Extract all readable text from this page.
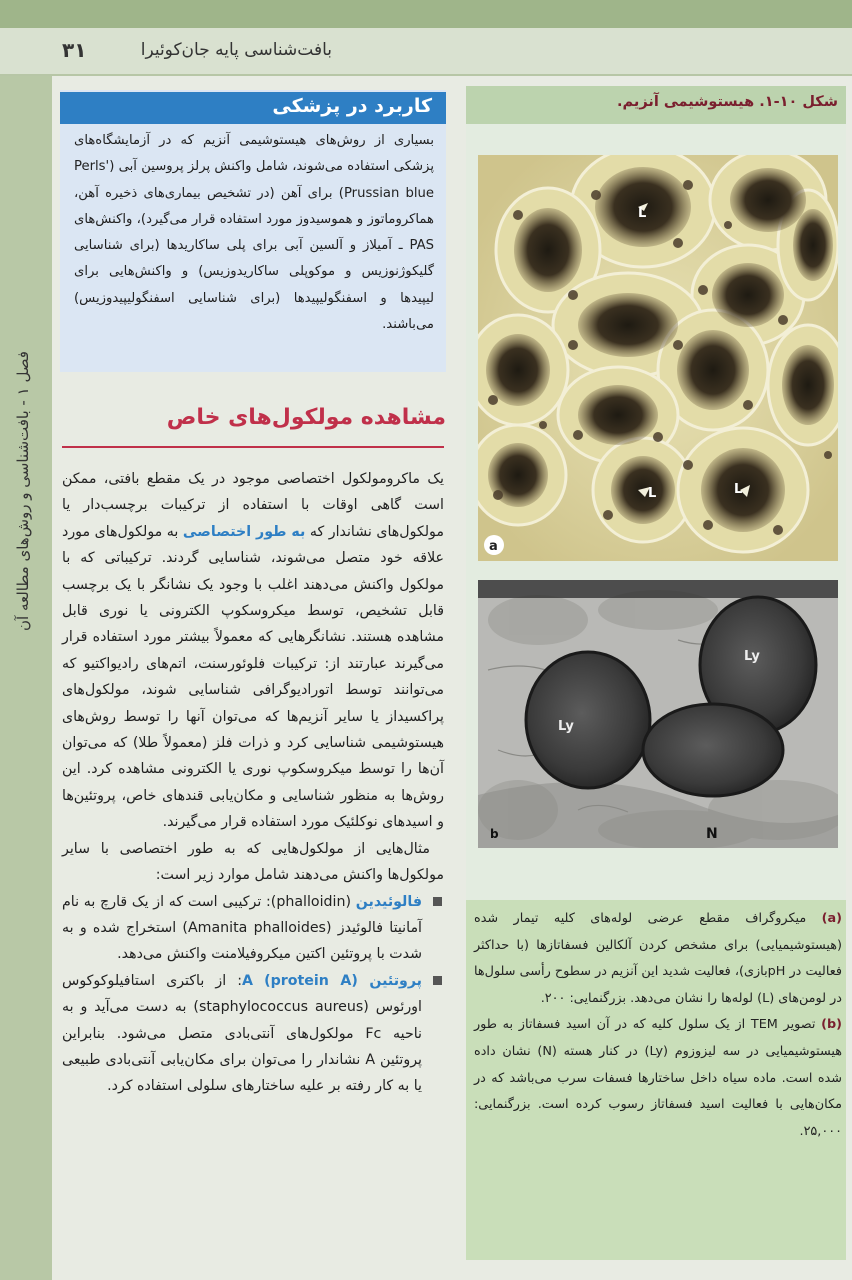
۳۱	بافت‌شناسی پایه جان‌کوئیرا
فصل ۱ - بافت‌شناسی و روش‌های مطالعه آن
کاربرد در پزشکی
بسیاری از روش‌های هیستوشیمی آنزیم که در آزمایشگاه‌های پزشکی استفاده می‌شوند، شامل واکنش پرلز پروسین آبی (Perls' Prussian blue) برای آهن (در تشخیص بیماری‌های ذخیره آهن، هماکروماتوز و هموسیدوز مورد استفاده قرار می‌گیرد)، واکنش‌های PAS ـ آمیلاز و آلسین آبی برای پلی ساکاریدها (برای شناسایی گلیکوژنوزیس و موکوپلی ساکاریدوزیس) و واکنش‌هایی برای لیپیدها و اسفنگولیپیدها (برای شناسایی اسفنگولیپیدوزیس) می‌باشند.
مشاهده مولکول‌های خاص

یک ماکرومولکول اختصاصی موجود در یک مقطع بافتی، ممکن است گاهی اوقات با استفاده از ترکیبات برچسب‌دار یا مولکول‌های نشاندار که به طور اختصاصی به مولکول‌های مورد علاقه خود متصل می‌شوند، شناسایی گردند. ترکیباتی که با مولکول واکنش می‌دهند اغلب با وجود یک نشانگر با یک برچسب قابل تشخیص، توسط میکروسکوپ الکترونی یا نوری قابل مشاهده هستند. نشانگرهایی که معمولاً بیشتر مورد استفاده قرار می‌گیرند عبارتند از: ترکیبات فلوئورسنت، اتم‌های رادیواکتیو که می‌توانند توسط اتورادیوگرافی شناسایی شوند، مولکول‌های پراکسیداز یا سایر آنزیم‌ها که می‌توان آنها را توسط روش‌های هیستوشیمی شناسایی کرد و ذرات فلز (معمولاً طلا) که می‌توان آن‌ها را توسط میکروسکوپ نوری یا الکترونی مشاهده کرد. این روش‌ها به منظور شناسایی و مکان‌یابی قندهای خاص، پروتئین‌ها و اسیدهای نوکلئیک مورد استفاده قرار می‌گیرند.

مثال‌هایی از مولکول‌هایی که به طور اختصاصی با سایر مولکول‌ها واکنش می‌دهند شامل موارد زیر است:

فالوئیدین (phalloidin): ترکیبی است که از یک قارچ به نام آمانیتا فالوئیدز (Amanita phalloides) استخراج شده و به شدت با پروتئین اکتین میکروفیلامنت واکنش می‌دهد.

پروتئین A (protein A): از باکتری استافیلوکوکوس اورئوس (staphylococcus aureus) به دست می‌آید و به ناحیه Fc مولکول‌های آنتی‌بادی متصل می‌شود. بنابراین پروتئین A نشاندار را می‌توان برای مکان‌یابی آنتی‌بادی طبیعی یا به کار رفته بر علیه ساختارهای سلولی استفاده کرد.

شکل ۱۰-۱. هیستوشیمی آنزیم.
L
L	L
a
Ly
Ly
N
b

(a) میکروگراف مقطع عرضی لوله‌های کلیه تیمار شده (هیستوشیمیایی) برای مشخص کردن آلکالین فسفاتازها (با حداکثر فعالیت در pHبازی)، فعالیت شدید این آنزیم در سطوح رأسی سلول‌ها در لومن‌های (L) لوله‌ها را نشان می‌دهد. بزرگنمایی: ۲۰۰.

(b) تصویر TEM از یک سلول کلیه که در آن اسید فسفاتاز به طور هیستوشیمیایی در سه لیزوزوم (Ly) در کنار هسته (N) نشان داده شده است. ماده سیاه داخل ساختارها فسفات سرب می‌باشد که در مکان‌هایی با فعالیت اسید فسفاتاز رسوب کرده است. بزرگنمایی: ۲۵,۰۰۰.
